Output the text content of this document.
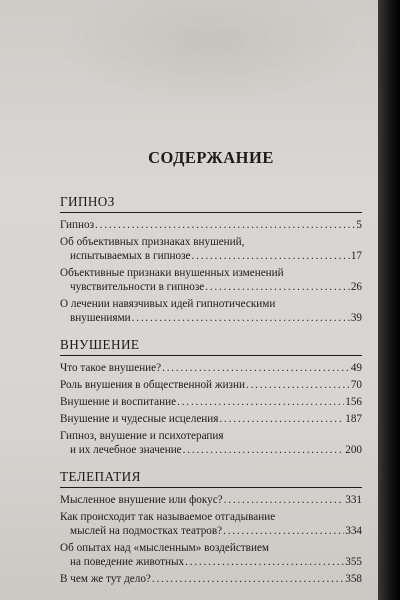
СОДЕРЖАНИЕ
ГИПНОЗ
Гипноз . . .	5
Об объективных признаках внушений,
испытываемых в гипнозе . . .	17
Объективные признаки внушенных изменений
чувствительности в гипнозе . . .	26
О лечении навязчивых идей гипнотическими
внушениями . . .	39
ВНУШЕНИЕ
Что такое внушение? . . .	49
Роль внушения в общественной жизни . . .	70
Внушение и воспитание . . .	156
Внушение и чудесные исцеления . . .	187
Гипноз, внушение и психотерапия
и их лечебное значение . . .	200
ТЕЛЕПАТИЯ
Мысленное внушение или фокус? . . .	331
Как происходит так называемое отгадывание
мыслей на подмостках театров? . . .	334
Об опытах над «мысленным» воздействием
на поведение животных . . .	355
В чем же тут дело? . . .	358
